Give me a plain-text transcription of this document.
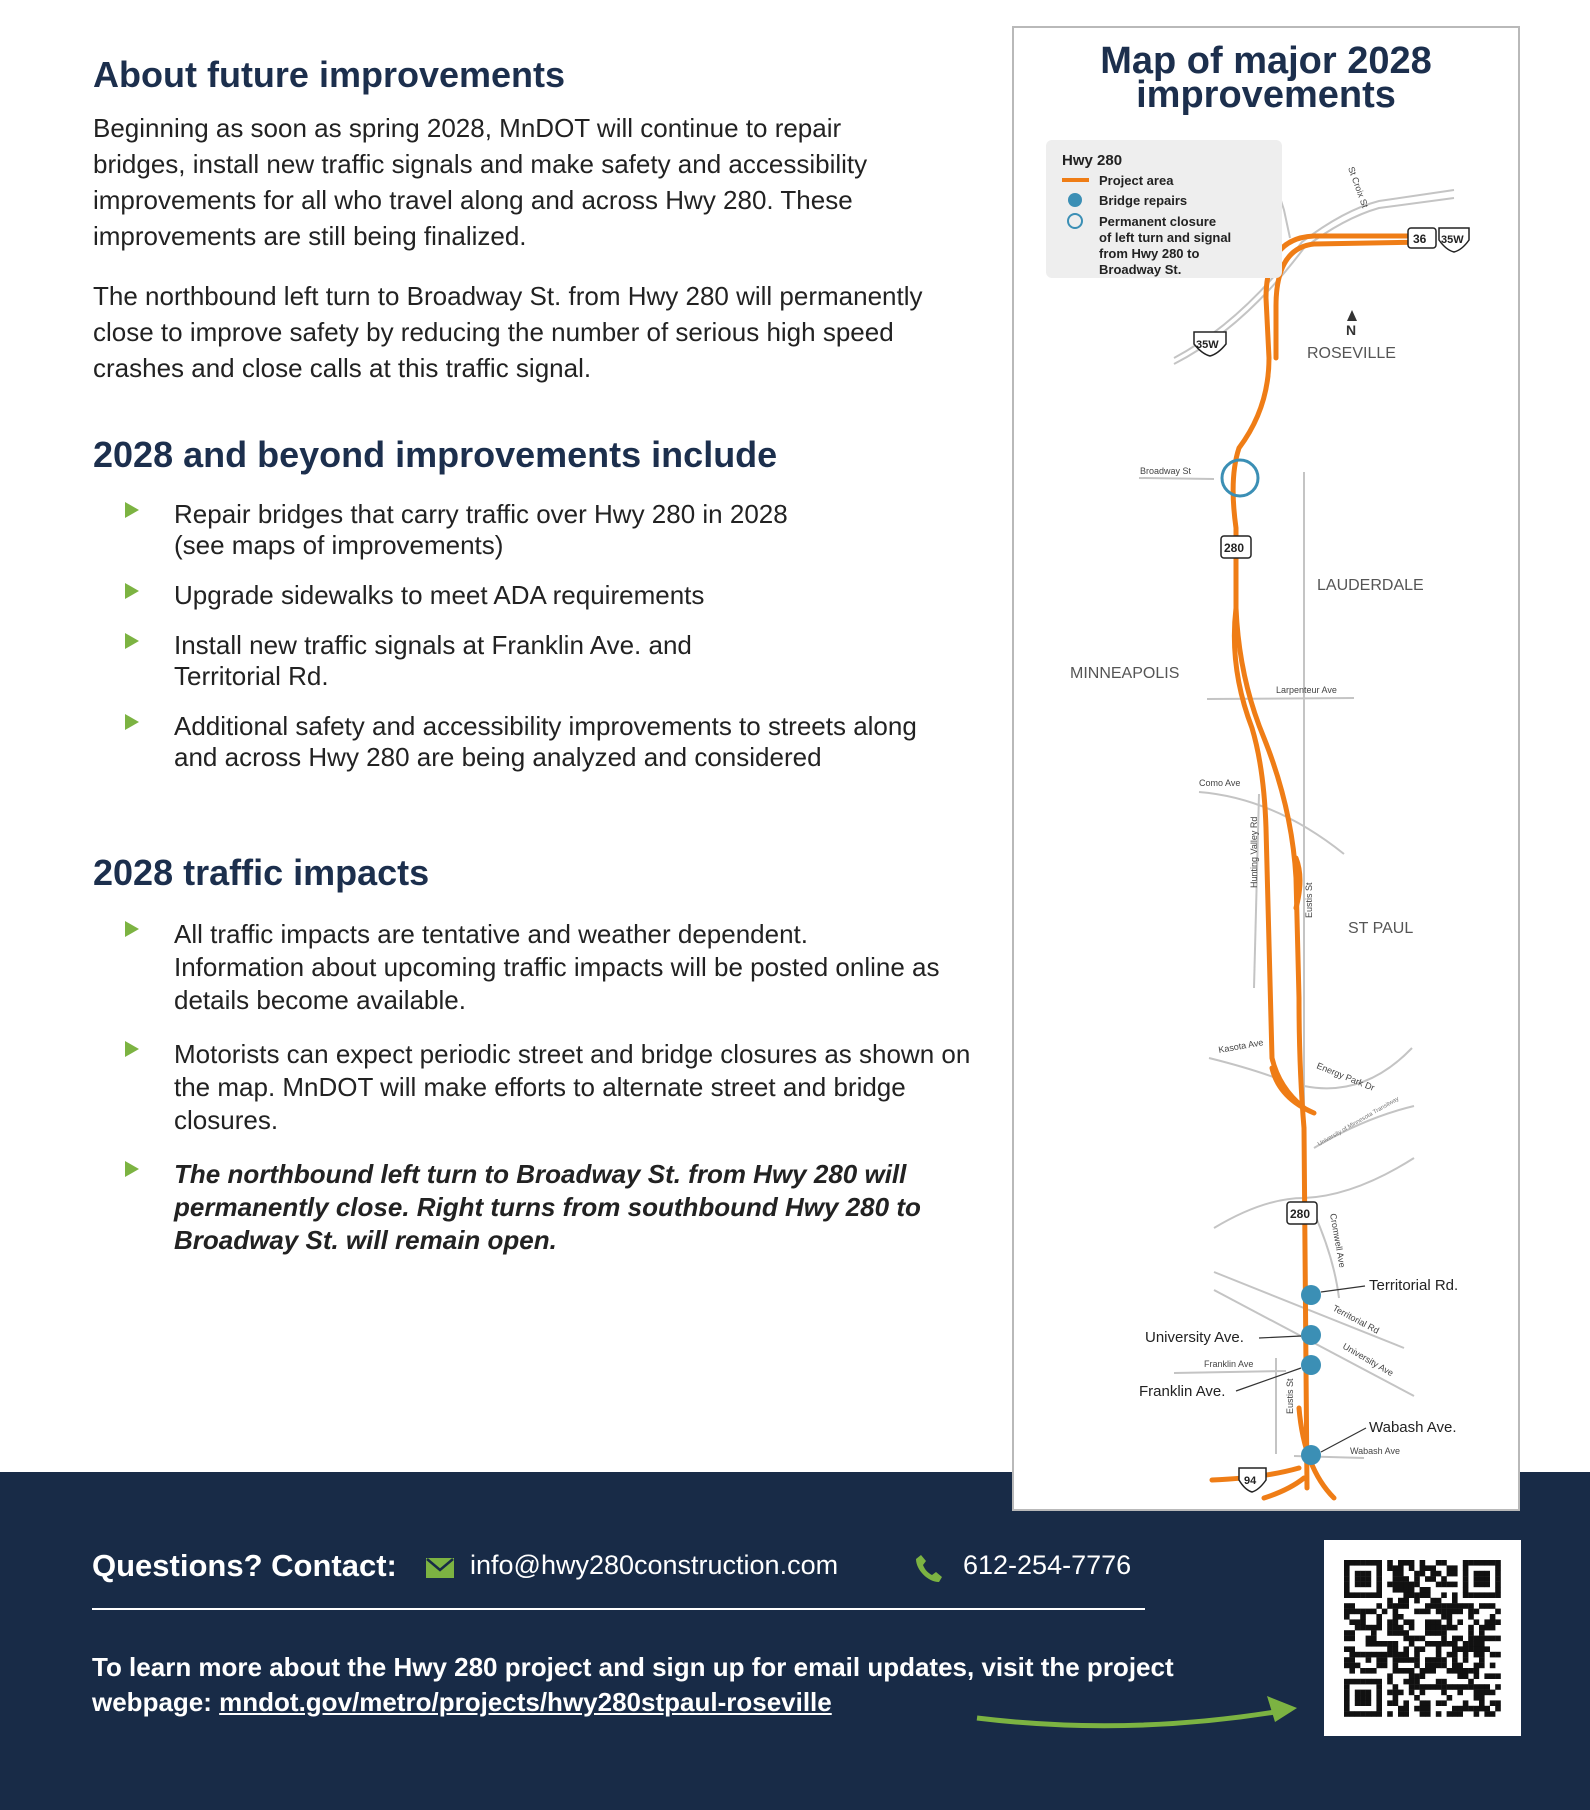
About future improvements

Beginning as soon as spring 2028, MnDOT will continue to repair bridges, install new traffic signals and make safety and accessibility improvements for all who travel along and across Hwy 280. These improvements are still being finalized.

The northbound left turn to Broadway St. from Hwy 280 will permanently close to improve safety by reducing the number of serious high speed crashes and close calls at this traffic signal.

2028 and beyond improvements include
Repair bridges that carry traffic over Hwy 280 in 2028 (see maps of improvements)
Upgrade sidewalks to meet ADA requirements
Install new traffic signals at Franklin Ave. and Territorial Rd.
Additional safety and accessibility improvements to streets along and across Hwy 280 are being analyzed and considered
2028 traffic impacts
All traffic impacts are tentative and weather dependent. Information about upcoming traffic impacts will be posted online as details become available.
Motorists can expect periodic street and bridge closures as shown on the map. MnDOT will make efforts to alternate street and bridge closures.
The northbound left turn to Broadway St. from Hwy 280 will permanently close. Right turns from southbound Hwy 280 to Broadway St. will remain open.
Questions? Contact:	info@hwy280construction.com	612-254-7776
To learn more about the Hwy 280 project and sign up for email updates, visit the project
webpage: mndot.gov/metro/projects/hwy280stpaul-roseville
Map of major 2028
improvements
Hwy 280
Project area
Bridge repairs
Permanent closure
of left turn and signal
from Hwy 280 to
Broadway St.
N
ROSEVILLE
LAUDERDALE
MINNEAPOLIS
ST PAUL
36 35W
35W
280
280
94
St Croix St
Broadway St
Larpenteur Ave
Como Ave
Hunting Valley Rd
Eustis St
Kasota Ave
Energy Park Dr
University of Minnesota Transitway
Cromwell Ave
Territorial Rd
University Ave
Franklin Ave
Eustis St
Wabash Ave
Territorial Rd.
University Ave.
Franklin Ave.
Wabash Ave.
